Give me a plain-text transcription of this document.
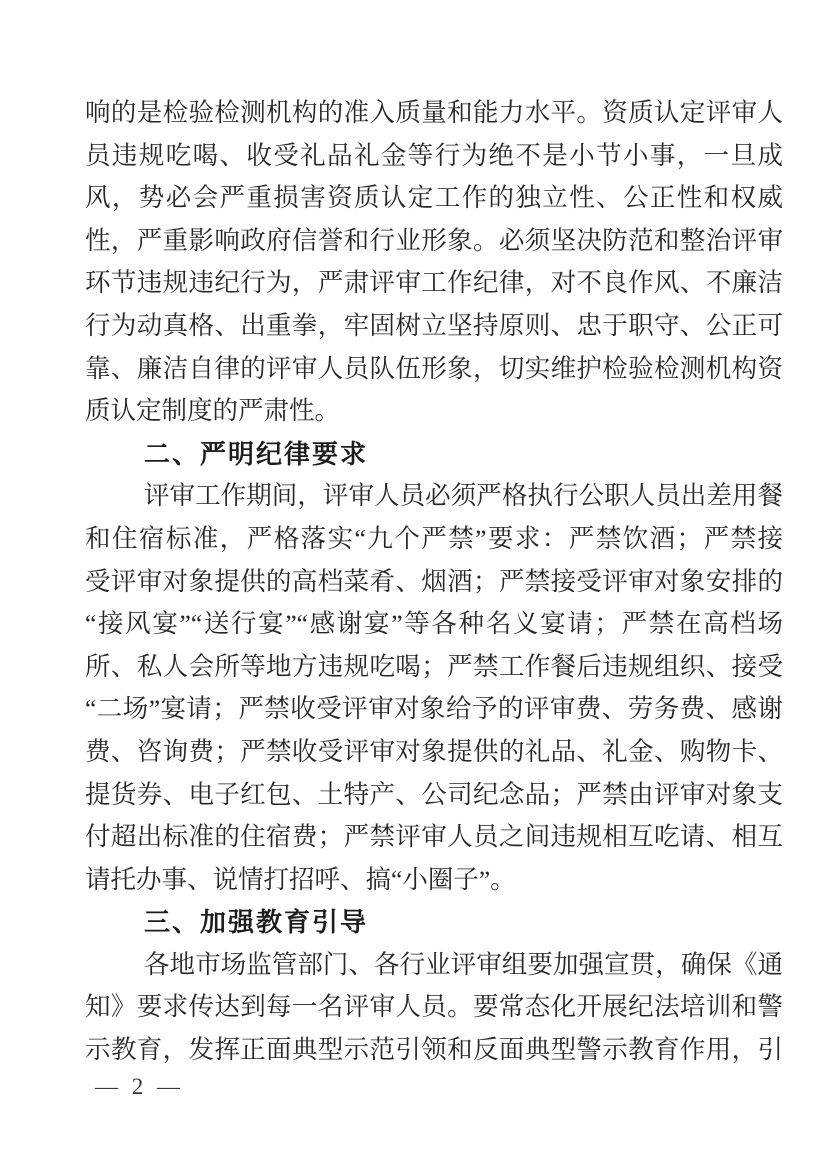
响的是检验检测机构的准入质量和能力水平。资质认定评审人
员违规吃喝、收受礼品礼金等行为绝不是小节小事，一旦成
风，势必会严重损害资质认定工作的独立性、公正性和权威
性，严重影响政府信誉和行业形象。必须坚决防范和整治评审
环节违规违纪行为，严肃评审工作纪律，对不良作风、不廉洁
行为动真格、出重拳，牢固树立坚持原则、忠于职守、公正可
靠、廉洁自律的评审人员队伍形象，切实维护检验检测机构资
质认定制度的严肃性。
二、严明纪律要求
评审工作期间，评审人员必须严格执行公职人员出差用餐
和住宿标准，严格落实“九个严禁”要求：严禁饮酒；严禁接
受评审对象提供的高档菜肴、烟酒；严禁接受评审对象安排的
“接风宴”“送行宴”“感谢宴”等各种名义宴请；严禁在高档场
所、私人会所等地方违规吃喝；严禁工作餐后违规组织、接受
“二场”宴请；严禁收受评审对象给予的评审费、劳务费、感谢
费、咨询费；严禁收受评审对象提供的礼品、礼金、购物卡、
提货券、电子红包、土特产、公司纪念品；严禁由评审对象支
付超出标准的住宿费；严禁评审人员之间违规相互吃请、相互
请托办事、说情打招呼、搞“小圈子”。
三、加强教育引导
各地市场监管部门、各行业评审组要加强宣贯，确保《通
知》要求传达到每一名评审人员。要常态化开展纪法培训和警
示教育，发挥正面典型示范引领和反面典型警示教育作用，引
— 2 —
